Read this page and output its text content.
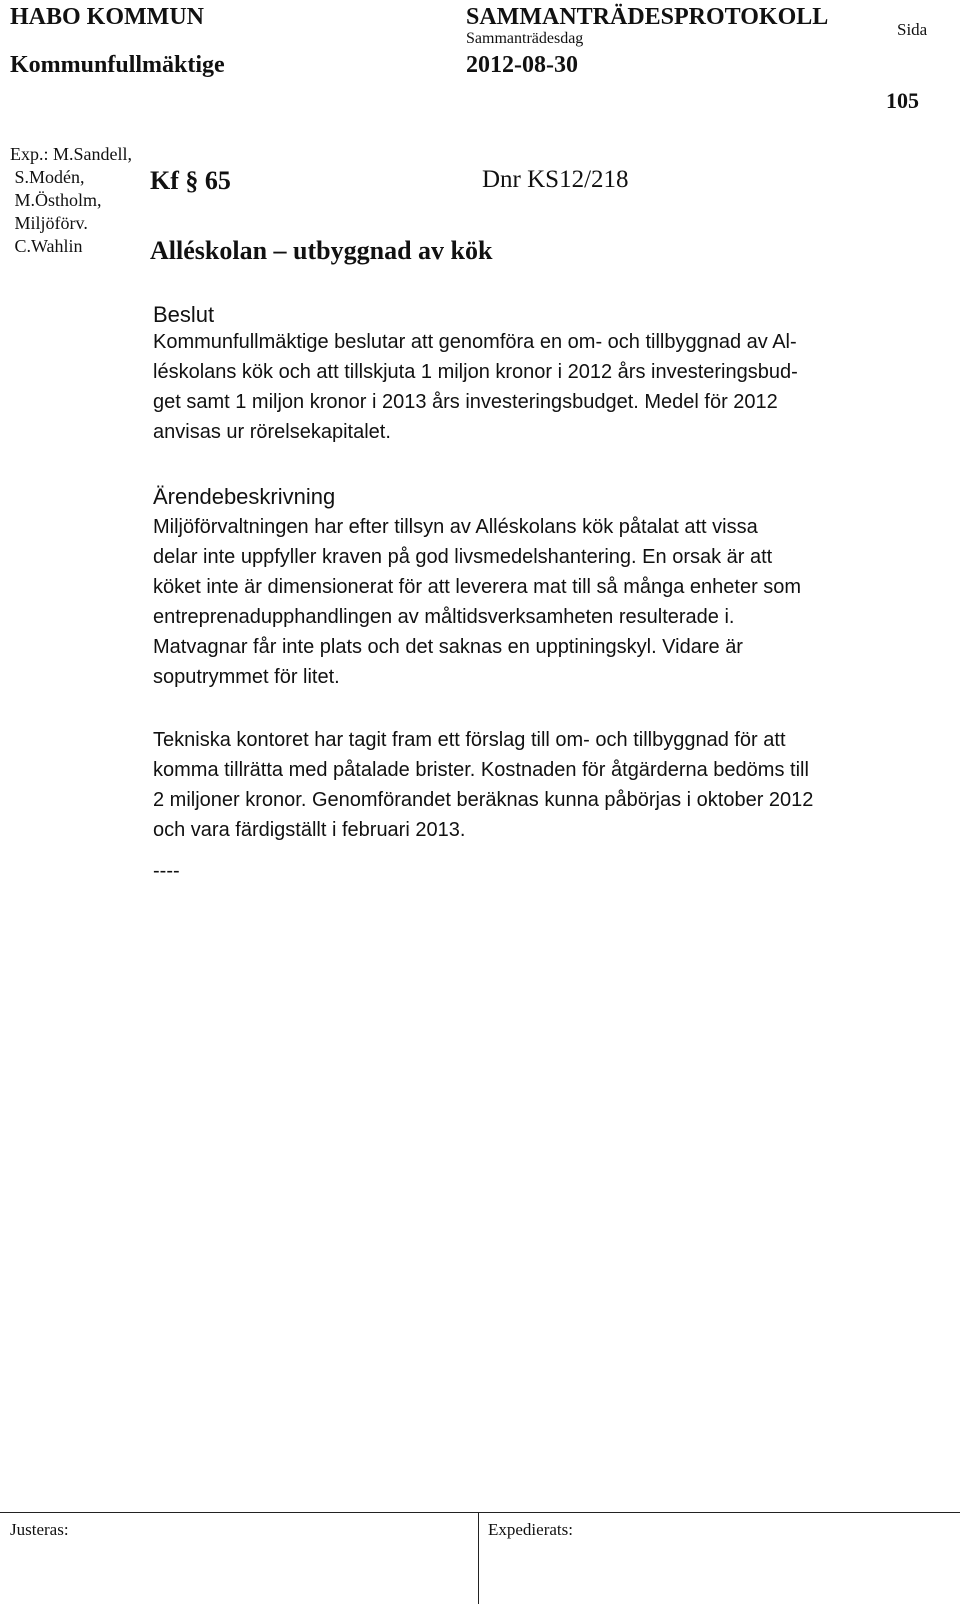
HABO KOMMUN
Kommunfullmäktige
SAMMANTRÄDESPROTOKOLL
Sammanträdesdag
2012-08-30
Sida
105
Exp.: M.Sandell,
S.Modén,
M.Östholm,
Miljöförv.
C.Wahlin
Kf § 65	Dnr KS12/218
Alléskolan – utbyggnad av kök
Beslut
Kommunfullmäktige beslutar att genomföra en om- och tillbyggnad av Al-
léskolans kök och att tillskjuta 1 miljon kronor i 2012 års investeringsbud-
get samt 1 miljon kronor i 2013 års investeringsbudget. Medel för 2012
anvisas ur rörelsekapitalet.
Ärendebeskrivning
Miljöförvaltningen har efter tillsyn av Alléskolans kök påtalat att vissa
delar inte uppfyller kraven på god livsmedelshantering. En orsak är att
köket inte är dimensionerat för att leverera mat till så många enheter som
entreprenadupphandlingen av måltidsverksamheten resulterade i.
Matvagnar får inte plats och det saknas en upptiningskyl. Vidare är
soputrymmet för litet.
Tekniska kontoret har tagit fram ett förslag till om- och tillbyggnad för att
komma tillrätta med påtalade brister. Kostnaden för åtgärderna bedöms till
2 miljoner kronor. Genomförandet beräknas kunna påbörjas i oktober 2012
och vara färdigställt i februari 2013.
----
Justeras:	Expedierats:
